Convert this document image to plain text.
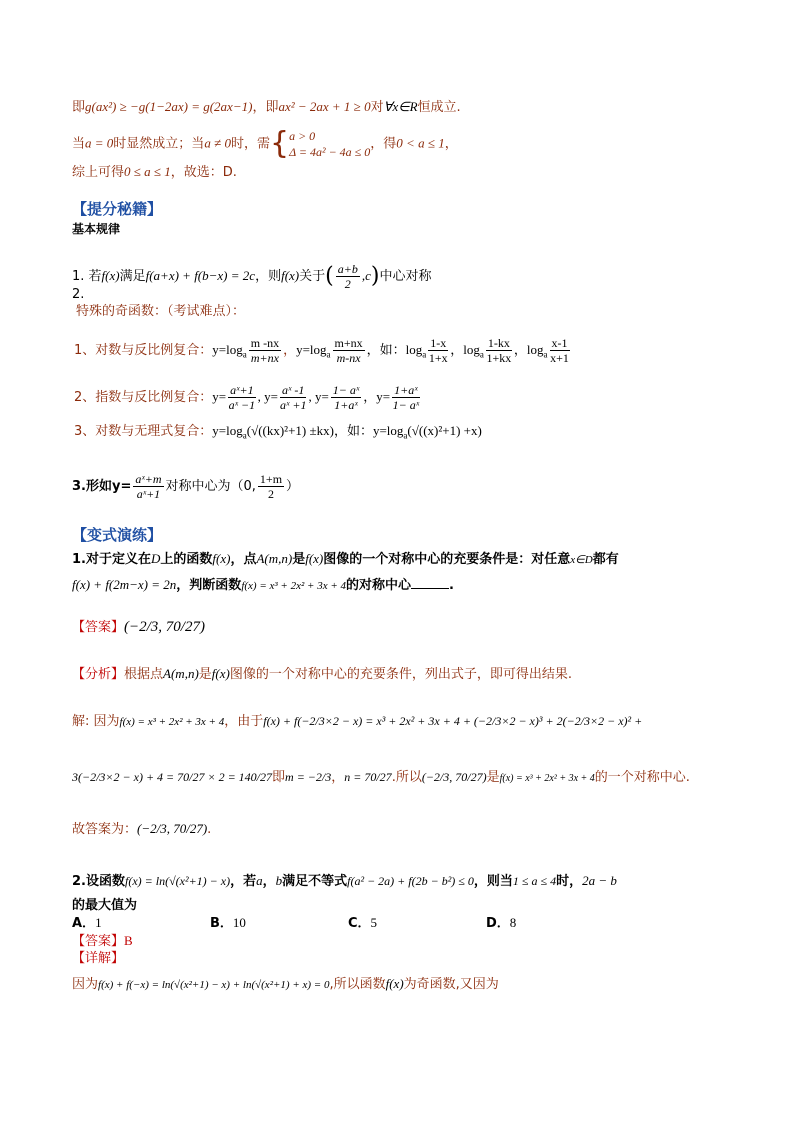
即g(ax²) ≥ −g(1−2ax) = g(2ax−1)，即ax² − 2ax + 1 ≥ 0对∀x∈R恒成立.
当a = 0时显然成立；当a ≠ 0时，需{ a > 0
Δ = 4a² − 4a ≤ 0
，得0 < a ≤ 1，
综上可得0 ≤ a ≤ 1，故选：D.
【提分秘籍】
基本规律
1. 若f(x)满足f(a+x) + f(b−x) = 2c，则f(x)关于( $\frac{a+b}{2} ,c$)中心对称
2.
特殊的奇函数：（考试难点）：
1、对数与反比例复合：$y=\log_a \frac{m -nx}{m+nx}$ ，$y=\log_a \frac{m+nx}{m-nx}$ ，如：$\log_a \frac{1-x}{1+x}$ ，$\log_a \frac{1-kx}{1+kx}$ ，$\log_a \frac{x-1}{x+1}$
2、指数与反比例复合：$y= \frac{\text{aˣ+1}}{\text{aˣ −1}}$ , $y= \frac{\text{aˣ -1}}{\text{aˣ +1}}$ , $y= \frac{\text{1− aˣ}}{\text{1+aˣ}}$ ，$y= \frac{\text{1+aˣ}}{\text{1− aˣ}}$
3、对数与无理式复合：$y=\log_a(√((kx)^2+1) \pm kx)$，如：$y=\log_a(√((x)^2+1) +x)$
3.形如$y= \frac{\text{aˣ+m}}{\text{aˣ+1}}$ 对称中心为（0, $\frac{1+m}{2}$ ）
【变式演练】
1.对于定义在D上的函数f(x)，点A(m,n)是f(x)图像的一个对称中心的充要条件是：对任意x∈D都有
f(x) + f(2m−x) = 2n，判断函数f(x) = x³ + 2x² + 3x + 4的对称中心	.
【答案】(−2/3, 70/27)
【分析】根据点A(m,n)是f(x)图像的一个对称中心的充要条件，列出式子，即可得出结果.
解: 因为f(x) = x³ + 2x² + 3x + 4，由于f(x) + f(−2/3×2 − x) = x³ + 2x² + 3x + 4 + (−2/3×2 − x)³ + 2(−2/3×2 − x)² +
3(−2/3×2 − x) + 4 = 70/27 × 2 = 140/27即m = −2/3，n = 70/27.所以(−2/3, 70/27)是f(x) = x³ + 2x² + 3x + 4的一个对称中心.
故答案为：(−2/3, 70/27).
2.设函数f(x) = ln(√(x²+1) − x)，若a，b满足不等式f(a² − 2a) + f(2b − b²) ≤ 0，则当1 ≤ a ≤ 4时，2a − b
的最大值为
A．1	B．10	C．5	D．8
【答案】B
【详解】
因为f(x) + f(−x) = ln(√(x²+1) − x) + ln(√(x²+1) + x) = 0,所以函数f(x)为奇函数,又因为
